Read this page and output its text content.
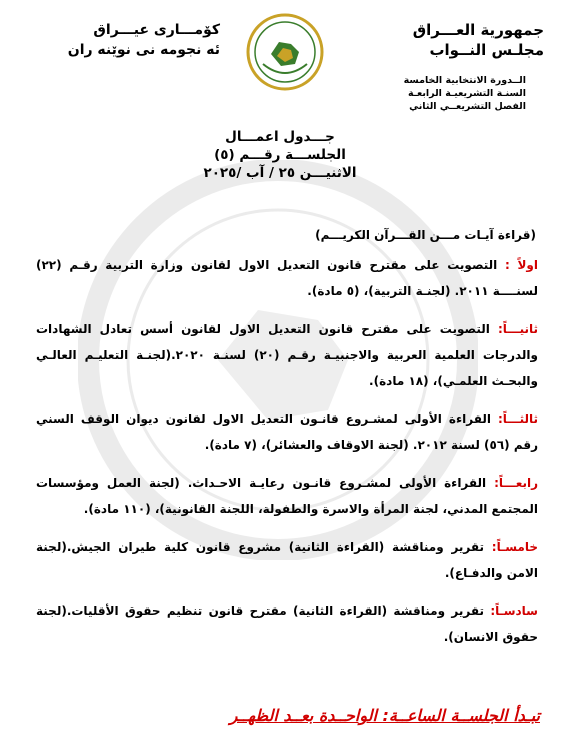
جمهورية العـــراق
مجلـس النــواب
الــدورة الانتخابية الخامسة
السنـة التشريعيـة الرابعـة
الفصل التشريعــي الثاني
كۆمـــارى عيـــراق
ئه نجومه نى نوێنه ران
جـــدول اعمـــال
الجلســـة رقـــم (٥)
الاثنيـــن ٢٥ / آب /٢٠٢٥
(قراءة آيـات مـــن القـــرآن الكريـــم)
اولاً : التصويت على مقترح قانون التعديل الاول لقانون وزارة التربية رقـم (٢٢) لسنــــة ٢٠١١. (لجنـة التربية)، (٥ مادة).
ثانيـــاً: التصويت على مقترح قانون التعديل الاول لقانون أسس تعادل الشهادات والدرجات العلمية العربية والاجنبيـة رقـم (٢٠) لسنـة ٢٠٢٠.(لجنـة التعليـم العالـي والبحـث العلمـي)، (١٨ مادة).
ثالثـــاً: القراءة الأولى لمشـروع قانـون التعديل الاول لقانون ديوان الوقف السني رقم (٥٦) لسنة ٢٠١٢. (لجنة الاوقاف والعشائر)، (٧ مادة).
رابعـــاً: القراءة الأولى لمشـروع قانـون رعايـة الاحـداث. (لجنة العمل ومؤسسات المجتمع المدني، لجنة المرأة والاسرة والطفولة، اللجنة القانونية)، (١١٠ مادة).
خامسـاً: تقرير ومناقشة (القراءة الثانية) مشروع قانون كلية طيران الجيش.(لجنة الامن والدفـاع).
سادسـاً: تقرير ومناقشة (القراءة الثانية) مقترح قانون تنظيم حقوق الأقليات.(لجنة حقوق الانسان).
تبـدأ الجلســة الساعــة: الواحــدة بعــد الظهــر
